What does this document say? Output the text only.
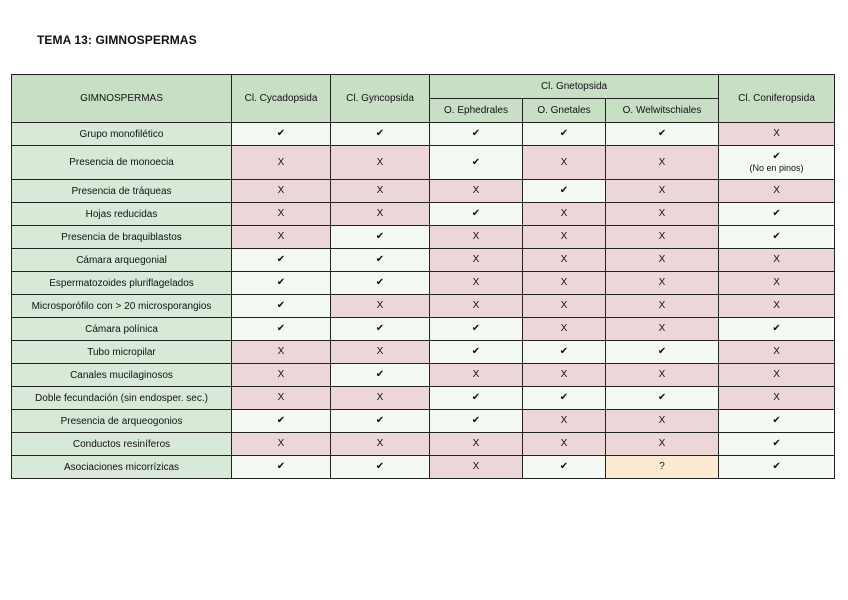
TEMA 13: GIMNOSPERMAS
GIMNOSPERMAS	Cl. Cycadopsida	Cl. Gyncopsida	Cl. Gnetopsida			Cl. Coniferopsida
			O. Ephedrales	O. Gnetales	O. Welwitschiales	
Grupo monofilético	✔	✔	✔	✔	✔	X
Presencia de monoecia	X	X	✔	X	X	✔
(No en pinos)

Presencia de tráqueas	X	X	X	✔	X	X
Hojas reducidas	X	X	✔	X	X	✔
Presencia de braquiblastos	X	✔	X	X	X	✔
Cámara arquegonial	✔	✔	X	X	X	X
Espermatozoides pluriflagelados	✔	✔	X	X	X	X
Microsporófilo con > 20 microsporangios	✔	X	X	X	X	X
Cámara polínica	✔	✔	✔	X	X	✔
Tubo micropilar	X	X	✔	✔	✔	X
Canales mucilaginosos	X	✔	X	X	X	X
Doble fecundación (sin endosper. sec.)	X	X	✔	✔	✔	X
Presencia de arqueogonios	✔	✔	✔	X	X	✔
Conductos resiníferos	X	X	X	X	X	✔
Asociaciones micorrízicas	✔	✔	X	✔	?	✔
